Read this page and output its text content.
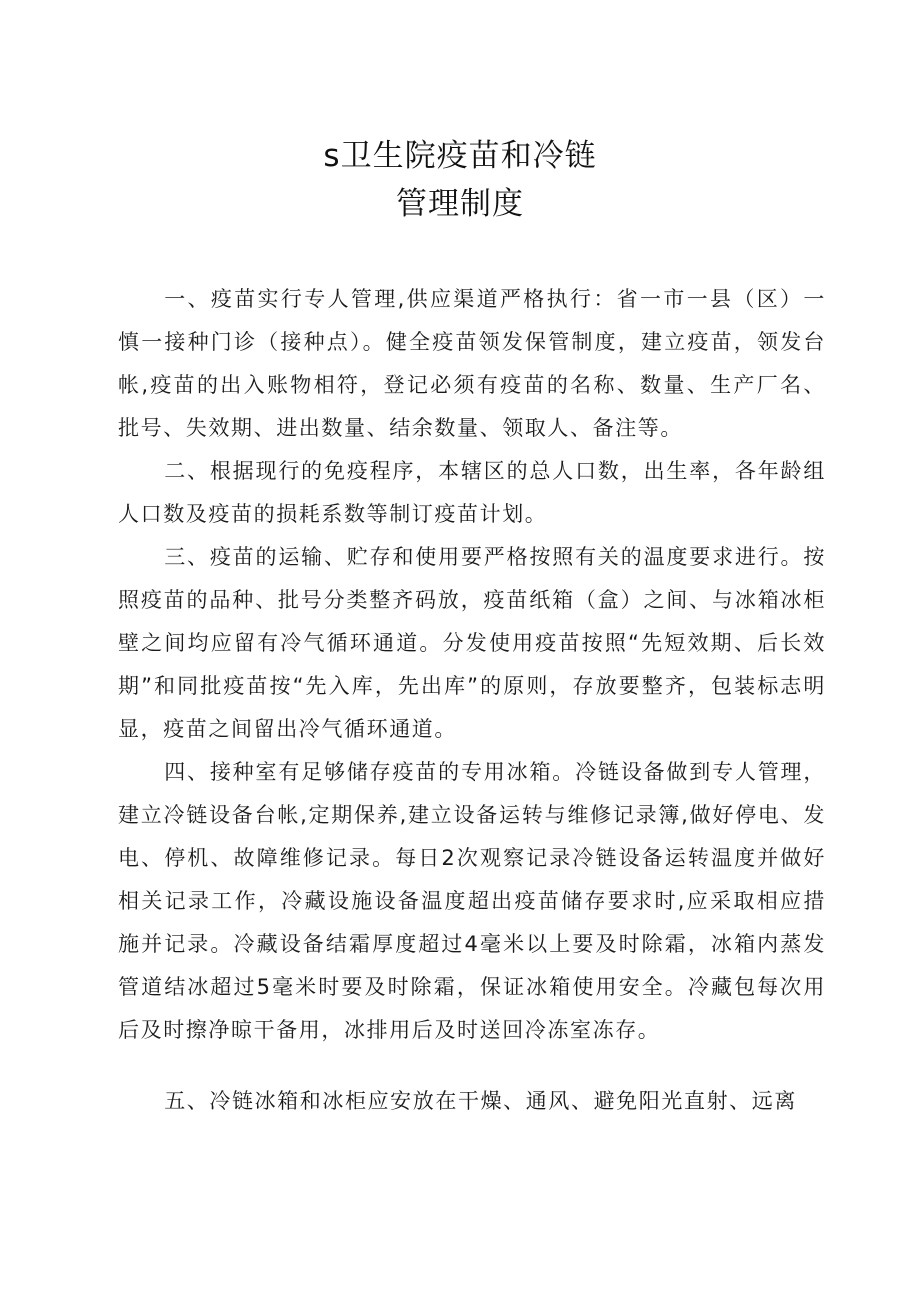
s卫生院疫苗和冷链
管理制度

一、疫苗实行专人管理,供应渠道严格执行：省一市一县（区）一慎一接种门诊（接种点）。健全疫苗领发保管制度，建立疫苗，领发台帐,疫苗的出入账物相符，登记必须有疫苗的名称、数量、生产厂名、批号、失效期、进出数量、结余数量、领取人、备注等。

二、根据现行的免疫程序，本辖区的总人口数，出生率，各年龄组人口数及疫苗的损耗系数等制订疫苗计划。

三、疫苗的运输、贮存和使用要严格按照有关的温度要求进行。按照疫苗的品种、批号分类整齐码放，疫苗纸箱（盒）之间、与冰箱冰柜壁之间均应留有冷气循环通道。分发使用疫苗按照“先短效期、后长效期”和同批疫苗按“先入库，先出库”的原则，存放要整齐，包装标志明显，疫苗之间留出冷气循环通道。

四、接种室有足够储存疫苗的专用冰箱。冷链设备做到专人管理，建立冷链设备台帐,定期保养,建立设备运转与维修记录簿,做好停电、发电、停机、故障维修记录。每日2次观察记录冷链设备运转温度并做好相关记录工作，冷藏设施设备温度超出疫苗储存要求时,应采取相应措施并记录。冷藏设备结霜厚度超过4毫米以上要及时除霜，冰箱内蒸发管道结冰超过5毫米时要及时除霜，保证冰箱使用安全。冷藏包每次用后及时擦净晾干备用，冰排用后及时送回冷冻室冻存。

五、冷链冰箱和冰柜应安放在干燥、通风、避免阳光直射、远离
